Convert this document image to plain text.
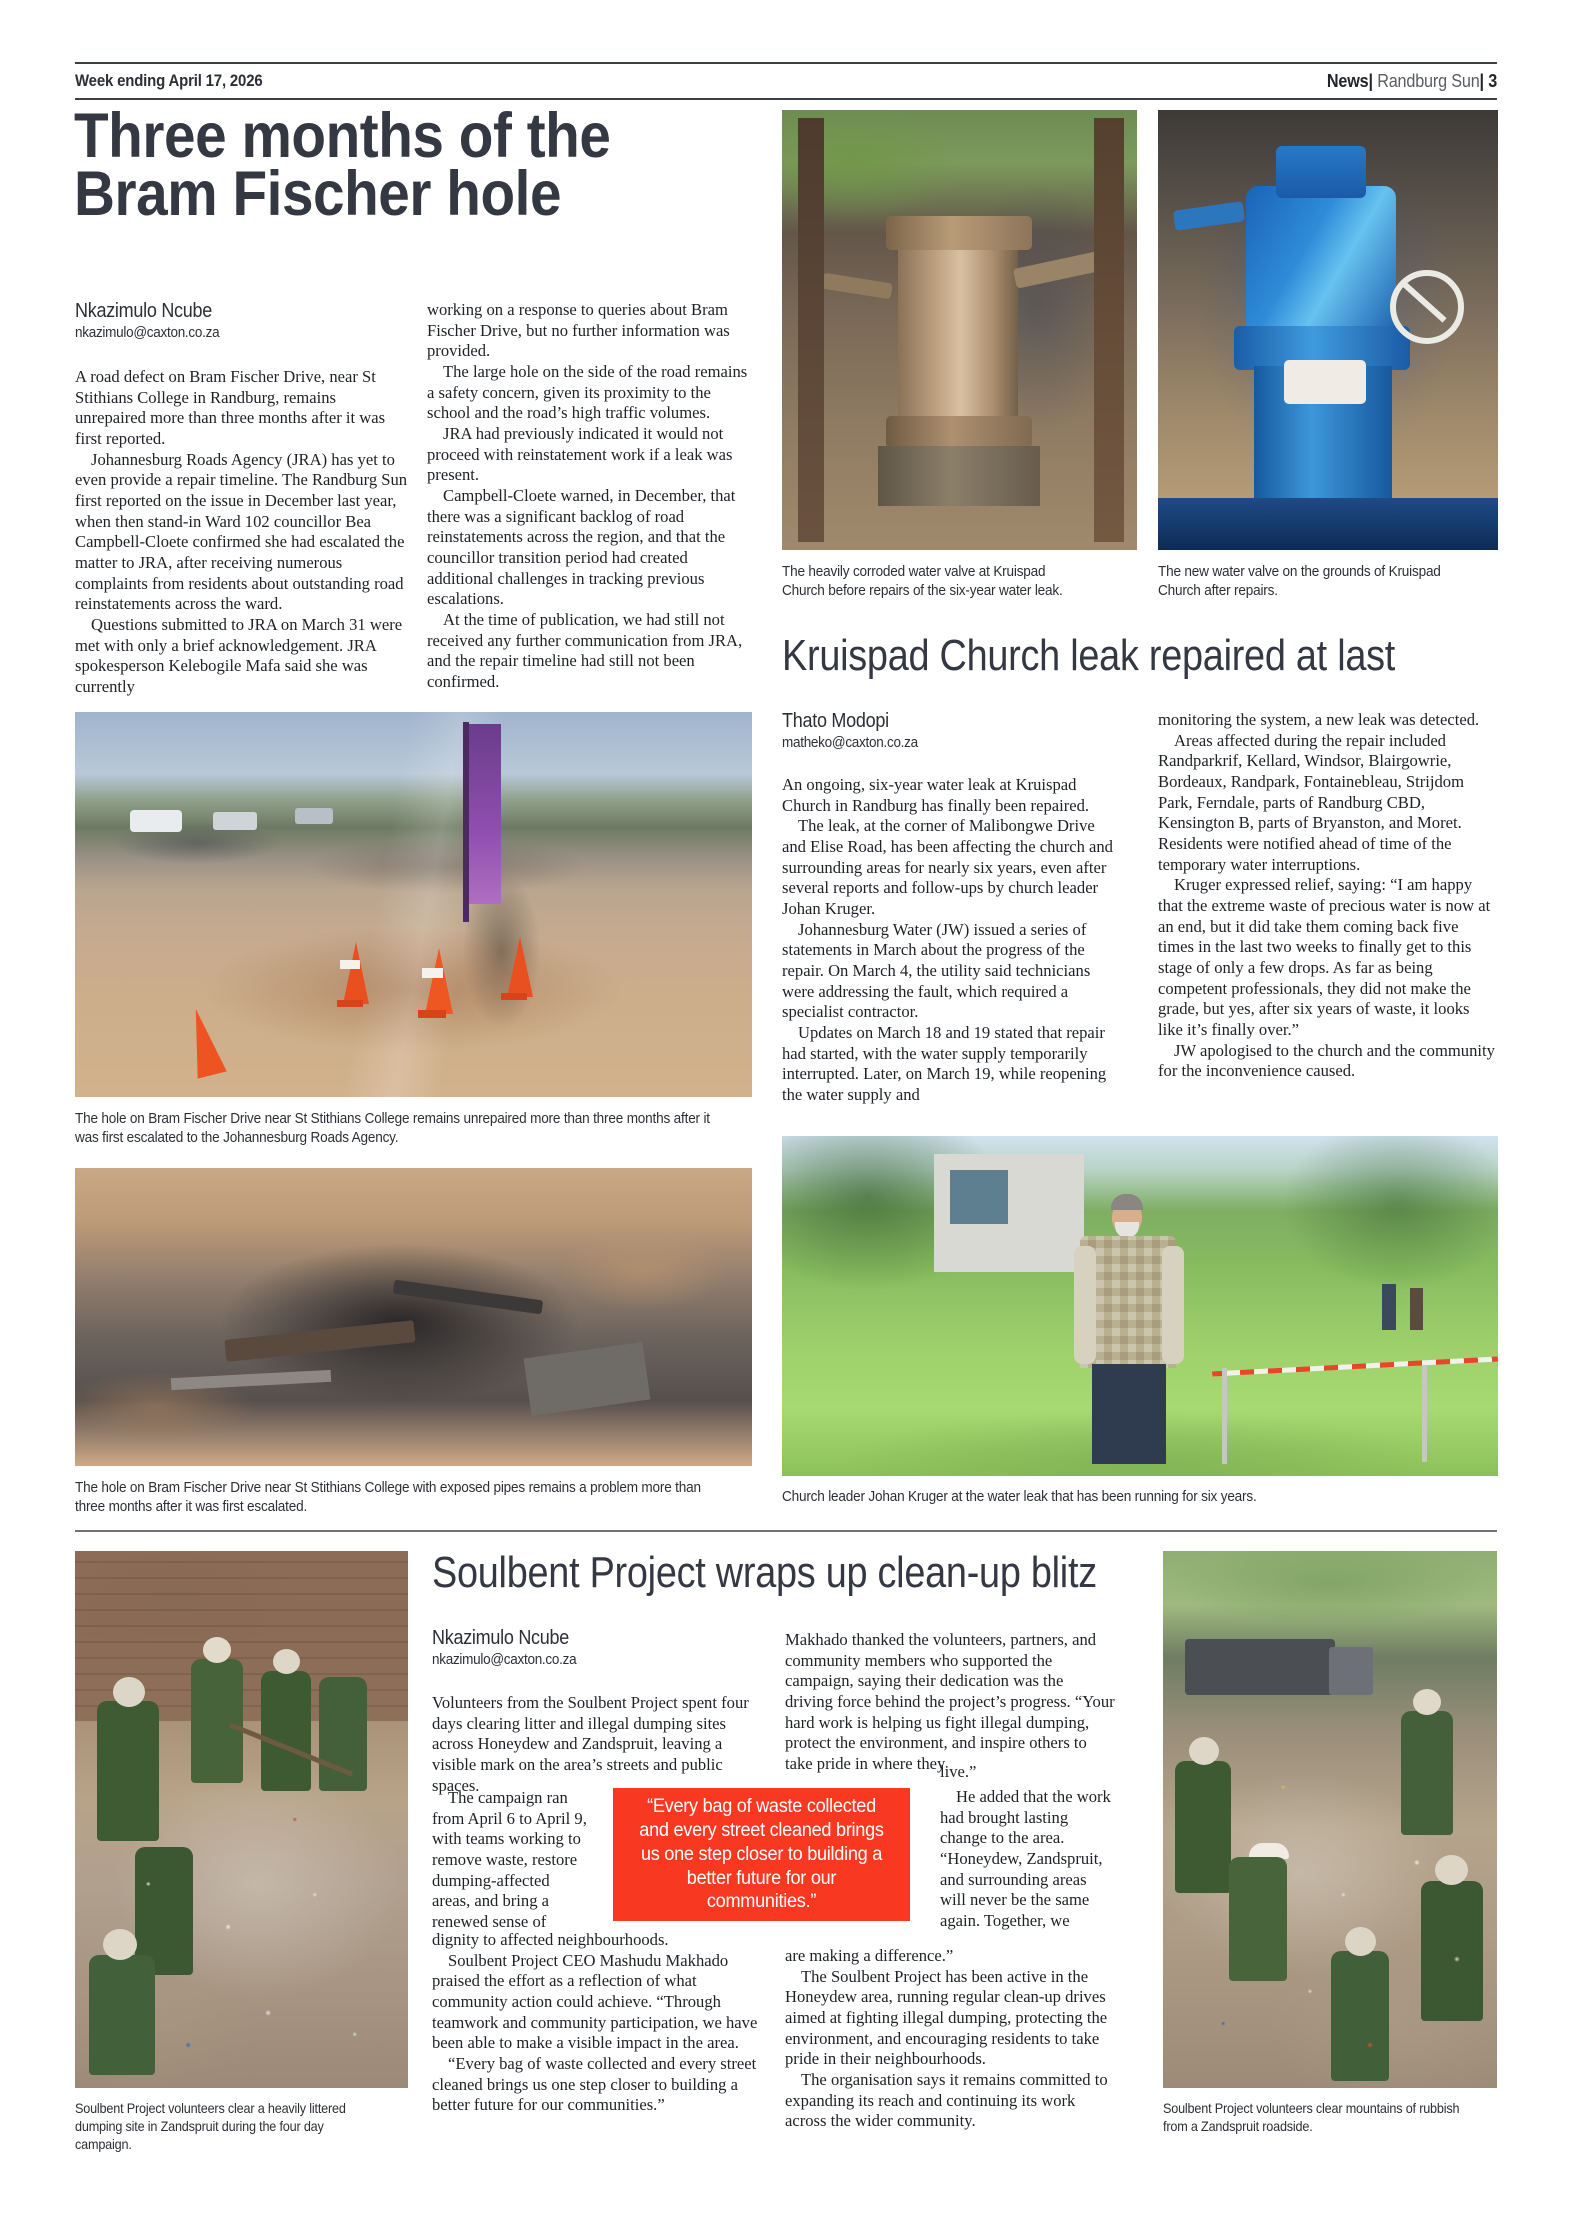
Week ending April 17, 2026	News| Randburg Sun| 3
Three months of the
Bram Fischer hole
Nkazimulo Ncube
nkazimulo@caxton.co.za

A road defect on Bram Fischer Drive, near St Stithians College in Randburg, remains unrepaired more than three months after it was first reported.

Johannesburg Roads Agency (JRA) has yet to even provide a repair timeline. The Randburg Sun first reported on the issue in December last year, when then stand-in Ward 102 councillor Bea Campbell-Cloete confirmed she had escalated the matter to JRA, after receiving numerous complaints from residents about outstanding road reinstatements across the ward.

Questions submitted to JRA on March 31 were met with only a brief acknowledgement. JRA spokesperson Kelebogile Mafa said she was currently

working on a response to queries about Bram Fischer Drive, but no further information was provided.

The large hole on the side of the road remains a safety concern, given its proximity to the school and the road’s high traffic volumes.

JRA had previously indicated it would not proceed with reinstatement work if a leak was present.

Campbell-Cloete warned, in December, that there was a significant backlog of road reinstatements across the region, and that the councillor transition period had created additional challenges in tracking previous escalations.

At the time of publication, we had still not received any further communication from JRA, and the repair timeline had still not been confirmed.

The hole on Bram Fischer Drive near St Stithians College remains unrepaired more than three months after it was first escalated to the Johannesburg Roads Agency.
The hole on Bram Fischer Drive near St Stithians College with exposed pipes remains a problem more than three months after it was first escalated.
The heavily corroded water valve at Kruispad Church before repairs of the six-year water leak.
The new water valve on the grounds of Kruispad Church after repairs.
Kruispad Church leak repaired at last
Thato Modopi
matheko@caxton.co.za

An ongoing, six-year water leak at Kruispad Church in Randburg has finally been repaired.

The leak, at the corner of Malibongwe Drive and Elise Road, has been affecting the church and surrounding areas for nearly six years, even after several reports and follow-ups by church leader Johan Kruger.

Johannesburg Water (JW) issued a series of statements in March about the progress of the repair. On March 4, the utility said technicians were addressing the fault, which required a specialist contractor.

Updates on March 18 and 19 stated that repair had started, with the water supply temporarily interrupted. Later, on March 19, while reopening the water supply and

monitoring the system, a new leak was detected.

Areas affected during the repair included Randparkrif, Kellard, Windsor, Blairgowrie, Bordeaux, Randpark, Fontainebleau, Strijdom Park, Ferndale, parts of Randburg CBD, Kensington B, parts of Bryanston, and Moret. Residents were notified ahead of time of the temporary water interruptions.

Kruger expressed relief, saying: “I am happy that the extreme waste of precious water is now at an end, but it did take them coming back five times in the last two weeks to finally get to this stage of only a few drops. As far as being competent professionals, they did not make the grade, but yes, after six years of waste, it looks like it’s finally over.”

JW apologised to the church and the community for the inconvenience caused.

Church leader Johan Kruger at the water leak that has been running for six years.
Soulbent Project wraps up clean-up blitz
Nkazimulo Ncube
nkazimulo@caxton.co.za

Volunteers from the Soulbent Project spent four days clearing litter and illegal dumping sites across Honeydew and Zandspruit, leaving a visible mark on the area’s streets and public spaces.

The campaign ran from April 6 to April 9, with teams working to remove waste, restore dumping-affected areas, and bring a renewed sense of

dignity to affected neighbourhoods.

Soulbent Project CEO Mashudu Makhado praised the effort as a reflection of what community action could achieve. “Through teamwork and community participation, we have been able to make a visible impact in the area.

“Every bag of waste collected and every street cleaned brings us one step closer to building a better future for our communities.”

Makhado thanked the volunteers, partners, and community members who supported the campaign, saying their dedication was the driving force behind the project’s progress. “Your hard work is helping us fight illegal dumping, protect the environment, and inspire others to take pride in where they

live.”
He added that the work had brought lasting change to the area. “Honeydew, Zandspruit, and surrounding areas will never be the same again. Together, we

are making a difference.”

The Soulbent Project has been active in the Honeydew area, running regular clean-up drives aimed at fighting illegal dumping, protecting the environment, and encouraging residents to take pride in their neighbourhoods.

The organisation says it remains committed to expanding its reach and continuing its work across the wider community.

“Every bag of waste collected and every street cleaned brings us one step closer to building a better future for our communities.”
Soulbent Project volunteers clear a heavily littered dumping site in Zandspruit during the four day campaign.
Soulbent Project volunteers clear mountains of rubbish from a Zandspruit roadside.
